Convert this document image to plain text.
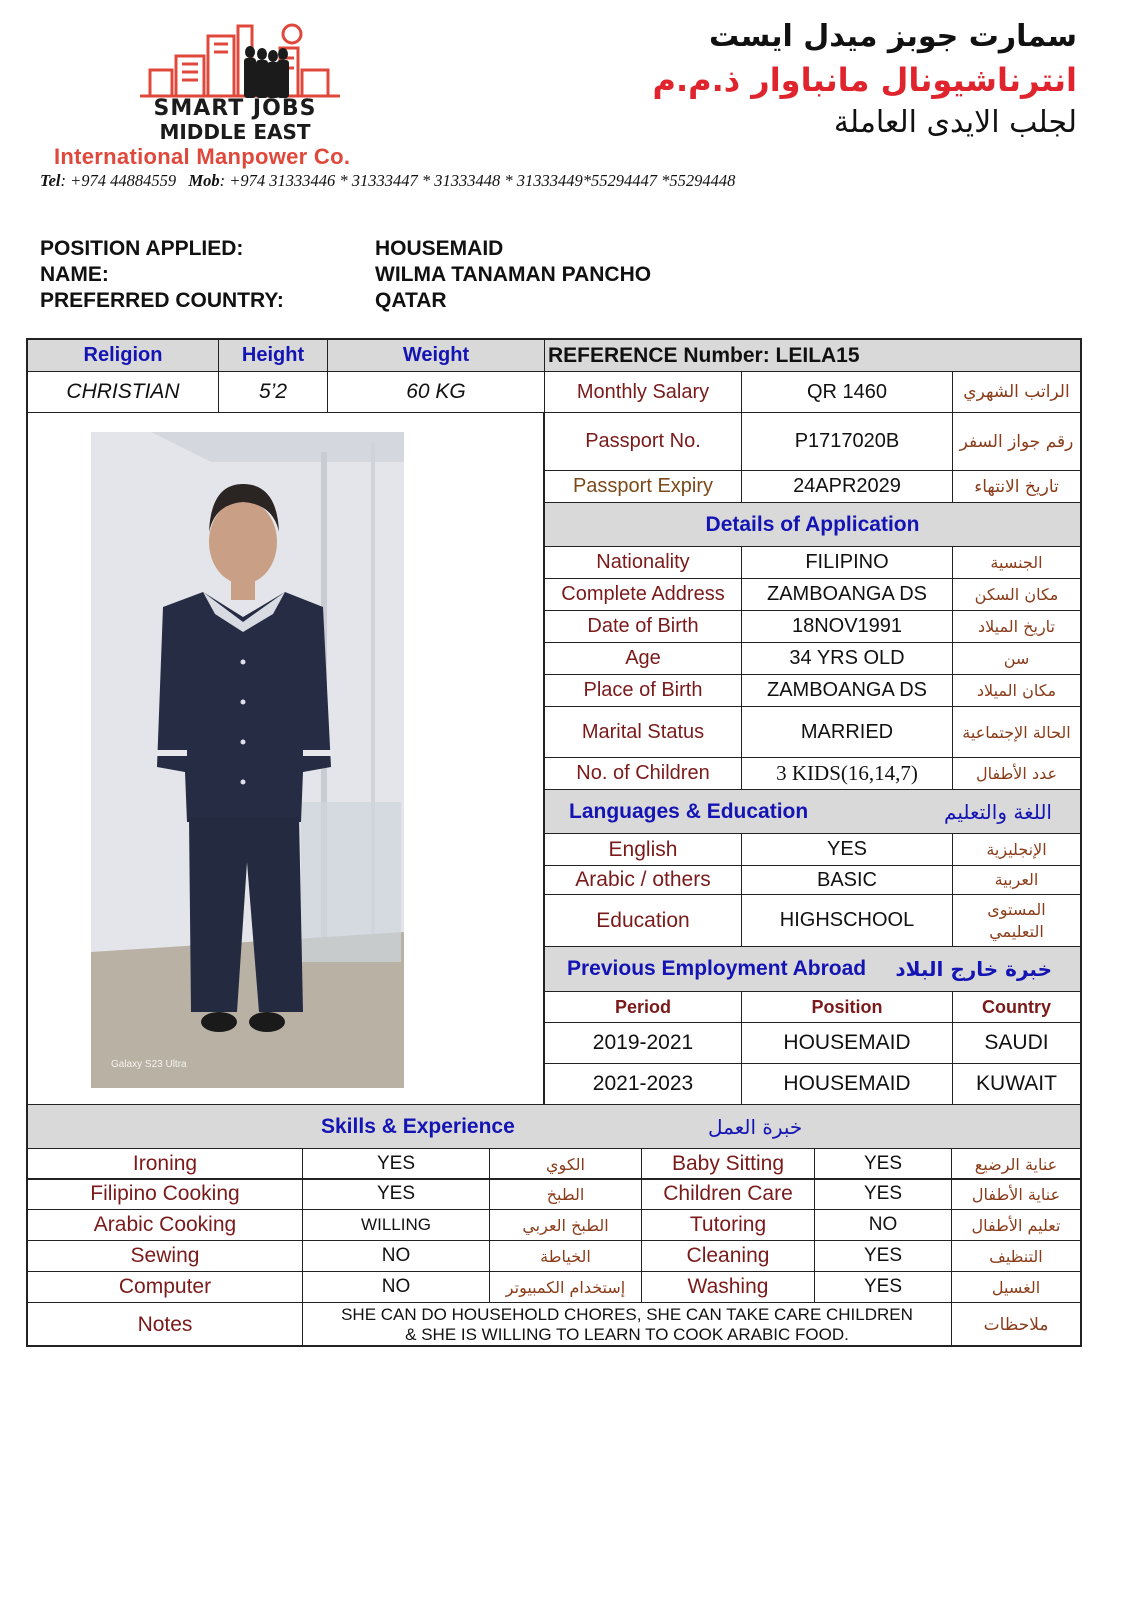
SMART JOBS
MIDDLE EAST
International Manpower Co.
سمارت جوبز ميدل ايست
انترناشيونال مانباوار ذ.م.م
لجلب الايدى العاملة
Tel: +974 44884559   Mob: +974 31333446 * 31333447 * 31333448 * 31333449*55294447 *55294448
POSITION APPLIED:	HOUSEMAID
NAME:	WILMA TANAMAN PANCHO
PREFERRED COUNTRY:	QATAR
Religion	Height	Weight	REFERENCE Number: LEILA15
CHRISTIAN	5’2	60 KG
Galaxy S23 Ultra
Monthly Salary	QR 1460	الراتب الشهري
Passport No.	P1717020B	رقم جواز السفر
Passport Expiry	24APR2029	تاريخ الانتهاء
Details of Application
Nationality	FILIPINO	الجنسية
Complete Address	ZAMBOANGA DS	مكان السكن
Date of Birth	18NOV1991	تاريخ الميلاد
Age	34 YRS OLD	سن
Place of Birth	ZAMBOANGA DS	مكان الميلاد
Marital Status	MARRIED	الحالة الإجتماعية
No. of Children	3 KIDS(16,14,7)	عدد الأطفال
Languages & Education	اللغة والتعليم
English	YES	الإنجليزية
Arabic / others	BASIC	العربية
Education	HIGHSCHOOL	المستوى التعليمي
Previous Employment Abroad خبرة خارج البلاد
Period	Position	Country
2019-2021	HOUSEMAID	SAUDI
2021-2023	HOUSEMAID	KUWAIT
Skills & Experience	خبرة العمل
Ironing	YES	الكوي	Baby Sitting	YES	عناية الرضيع
Filipino Cooking	YES	الطبخ	Children Care	YES	عناية الأطفال
Arabic Cooking	WILLING	الطبخ العربي	Tutoring	NO	تعليم الأطفال
Sewing	NO	الخياطة	Cleaning	YES	التنظيف
Computer	NO	إستخدام الكمبيوتر	Washing	YES	الغسيل
Notes	SHE CAN DO HOUSEHOLD CHORES, SHE CAN TAKE CARE CHILDREN
& SHE IS WILLING TO LEARN TO COOK ARABIC FOOD.	ملاحظات
